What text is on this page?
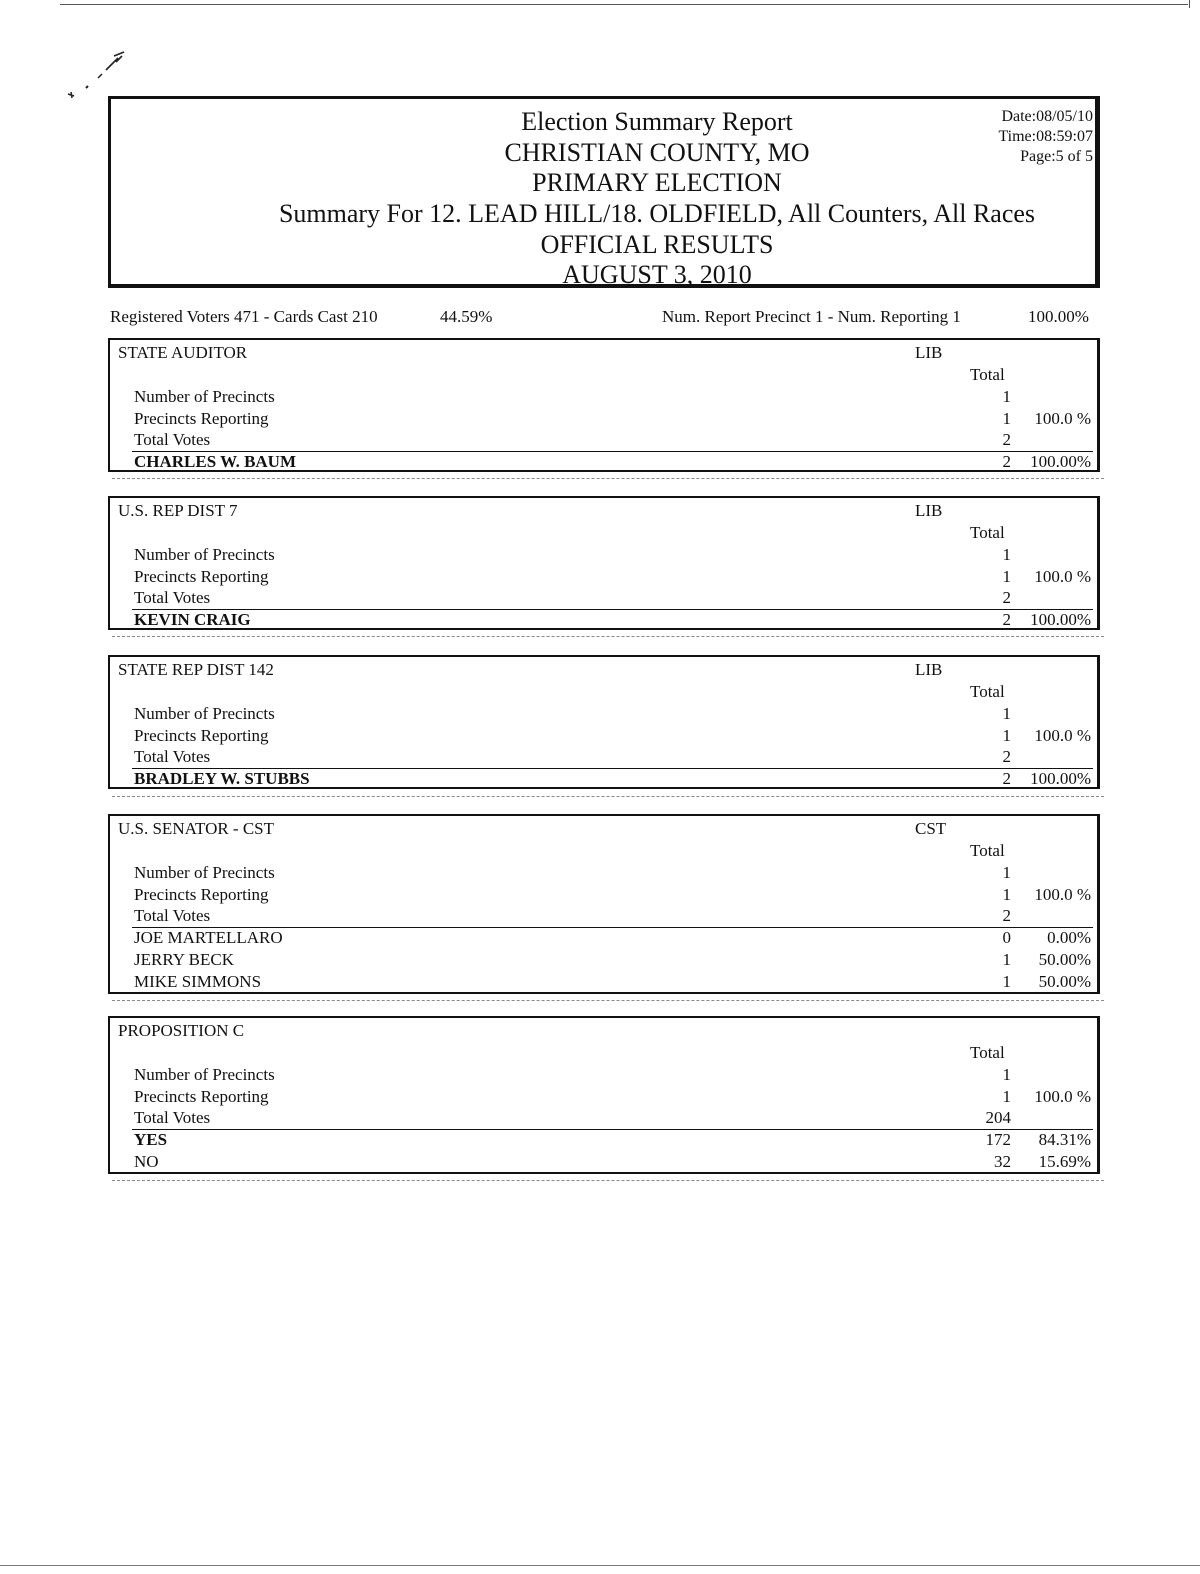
Election Summary Report
CHRISTIAN COUNTY, MO
PRIMARY ELECTION
Summary For 12. LEAD HILL/18. OLDFIELD, All Counters, All Races
OFFICIAL RESULTS
AUGUST 3, 2010
Date:08/05/10
Time:08:59:07
Page:5 of 5
Registered Voters 471 - Cards Cast 210	44.59%	Num. Report Precinct 1 - Num. Reporting 1	100.00%
STATE AUDITOR	LIB
Total
Number of Precincts	1
Precincts Reporting	1 100.0 %
Total Votes	2
CHARLES W. BAUM	2 100.00%
U.S. REP DIST 7	LIB
Total
Number of Precincts	1
Precincts Reporting	1 100.0 %
Total Votes	2
KEVIN CRAIG	2 100.00%
STATE REP DIST 142	LIB
Total
Number of Precincts	1
Precincts Reporting	1 100.0 %
Total Votes	2
BRADLEY W. STUBBS	2 100.00%
U.S. SENATOR - CST	CST
Total
Number of Precincts	1
Precincts Reporting	1 100.0 %
Total Votes	2
JOE MARTELLARO	0 0.00%
JERRY BECK	1 50.00%
MIKE SIMMONS	1 50.00%
PROPOSITION C
Total
Number of Precincts	1
Precincts Reporting	1 100.0 %
Total Votes	204
YES	172 84.31%
NO	32 15.69%
